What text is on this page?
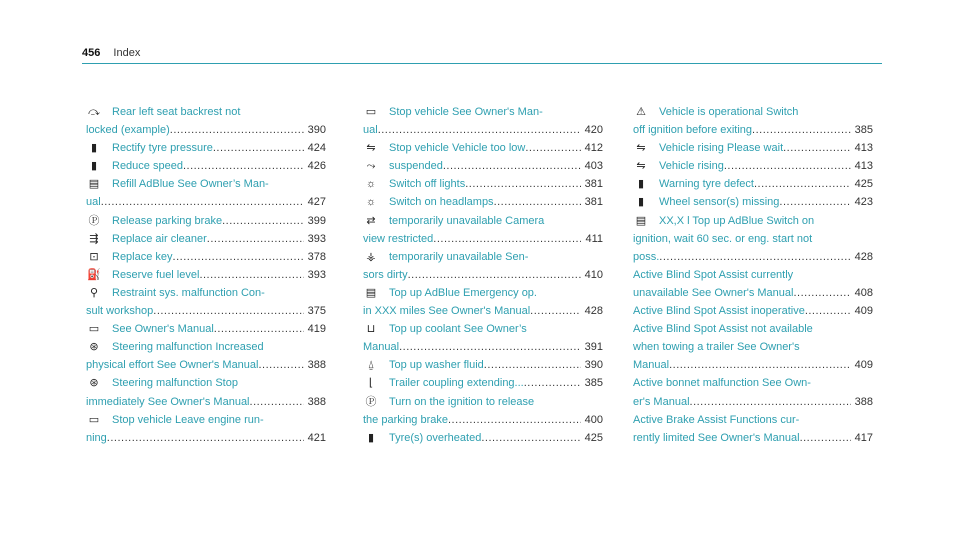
456 Index
⤼ Rear left seat backrest not
locked (example) .....	390
▮	Rectify tyre pressure .....	424
▮	Reduce speed .....	426
▤ Refill AdBlue See Owner’s Man-
ual .....	427
Ⓟ Release parking brake .....	399
⇶	Replace air cleaner .....	393
⊡	Replace key .....	378
⛽ Reserve fuel level .....	393
⚲	Restraint sys. malfunction Con-
sult workshop .....	375
▭ See Owner's Manual .....	419
⊛	Steering malfunction Increased
physical effort See Owner's Manual .....	388
⊛	Steering malfunction Stop
immediately See Owner's Manual .....	388
▭ Stop vehicle Leave engine run-
ning .....	421
▭ Stop vehicle See Owner's Man-
ual .....	420
⇋	Stop vehicle Vehicle too low .....	412
⤳	suspended .....	403
☼ Switch off lights .....	381
☼ Switch on headlamps .....	381
⇄	temporarily unavailable Camera
view restricted .....	411
⚶	temporarily unavailable Sen-
sors dirty .....	410
▤ Top up AdBlue Emergency op.
in XXX miles See Owner's Manual .....	428
⊔	Top up coolant See Owner’s
Manual .....	391
⍙	Top up washer fluid .....	390
⌊	Trailer coupling extending... .....	385
Ⓟ Turn on the ignition to release
the parking brake .....	400
▮	Tyre(s) overheated .....	425
⚠ Vehicle is operational Switch
off ignition before exiting .....	385
⇋	Vehicle rising Please wait .....	413
⇋	Vehicle rising .....	413
▮	Warning tyre defect .....	425
▮	Wheel sensor(s) missing .....	423
▤ XX,X l Top up AdBlue Switch on
ignition, wait 60 sec. or eng. start not
poss. .....	428
Active Blind Spot Assist currently
unavailable See Owner's Manual .....	408
Active Blind Spot Assist inoperative .....	409
Active Blind Spot Assist not available
when towing a trailer See Owner's
Manual .....	409
Active bonnet malfunction See Own-
er's Manual .....	388
Active Brake Assist Functions cur-
rently limited See Owner's Manual .....	417
